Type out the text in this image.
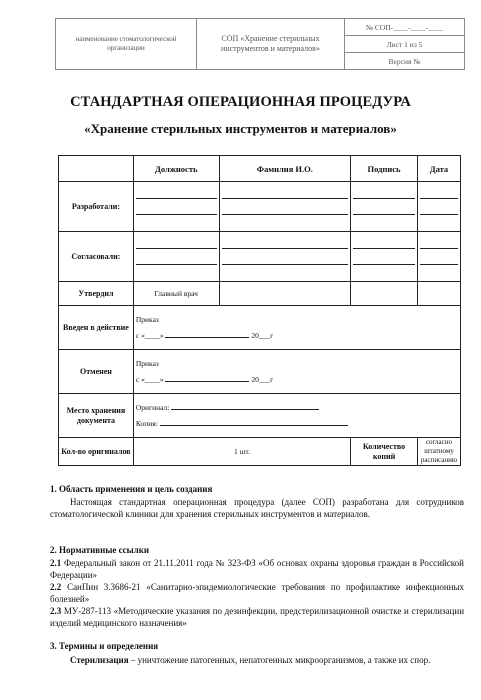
наименование стоматологической организации
СОП «Хранение стерильных инструментов и материалов»
№ СОП-____-____-____
Лист 1 из 5
Версия №
СТАНДАРТНАЯ ОПЕРАЦИОННАЯ ПРОЦЕДУРА
«Хранение стерильных инструментов и материалов»
	Должность	Фамилия И.О.	Подпись	Дата
Разработали:	

Согласовали:	

Утвердил	Главный врач			
Введен в действие	Приказ
с «____» 20___г			

Отменен	Приказ
с «____» 20___г			

Место хранения документа	Оригинал:
Копия:			

Кол-во оригиналов	1 шт.		Количество копий	согласно штатному расписанию
1. Область применения и цель создания
Настоящая стандартная операционная процедура (далее СОП) разработана для сотрудников стоматологической клиники для хранения стерильных инструментов и материалов.
2. Нормативные ссылки
2.1 Федеральный закон от 21.11.2011 года № 323-ФЗ «Об основах охраны здоровья граждан в Российской Федерации»
2.2 СанПин 3.3686-21 «Санитарно-эпидемиологические требования по профилактике инфекционных болезней»
2.3 МУ-287-113 «Методические указания по дезинфекции, предстерилизационной очистке и стерилизации изделий медицинского назначения»
3. Термины и определения
Стерилизация – уничтожение патогенных, непатогенных микроорганизмов, а также их спор.
